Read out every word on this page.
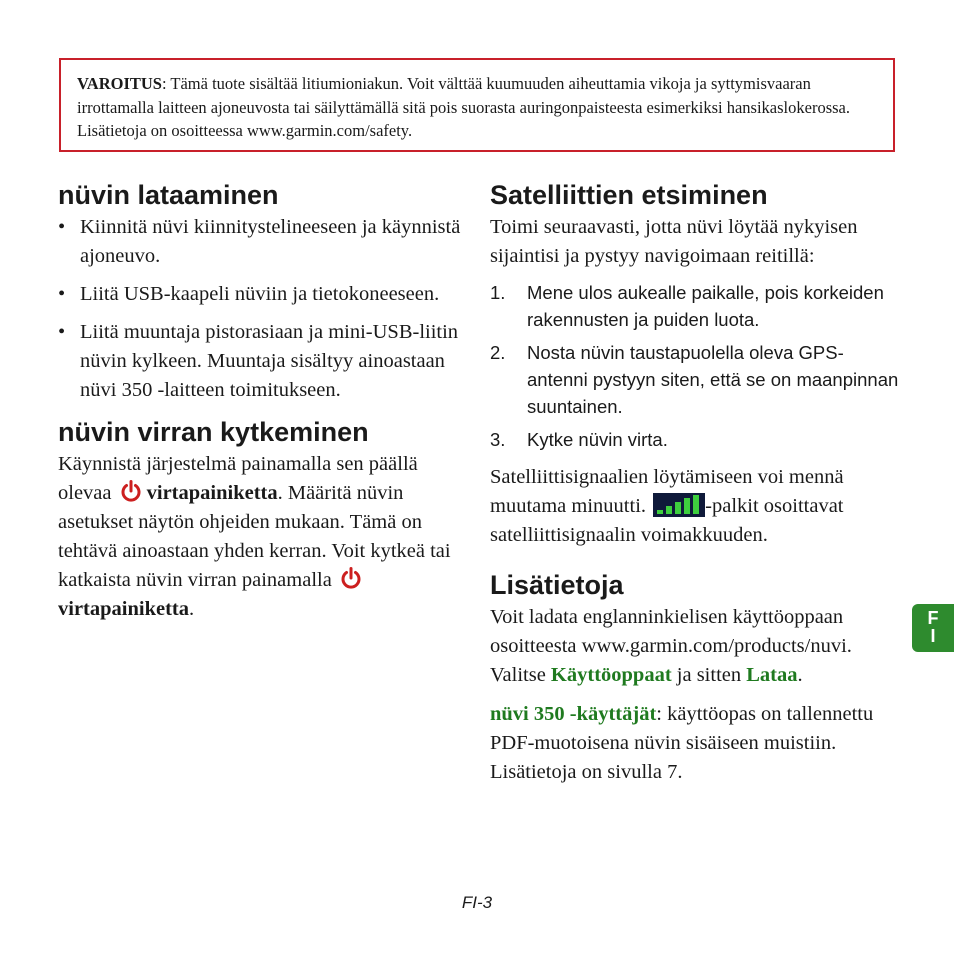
VAROITUS: Tämä tuote sisältää litiumioniakun. Voit välttää kuumuuden aiheuttamia vikoja ja syttymisvaaran irrottamalla laitteen ajoneuvosta tai säilyttämällä sitä pois suorasta auringonpaisteesta esimerkiksi hansikaslokerossa. Lisätietoja on osoitteessa www.garmin.com/safety.
nüvin lataaminen
• Kiinnitä nüvi kiinnitystelineeseen ja käynnistä ajoneuvo.
• Liitä USB-kaapeli nüviin ja tietokoneeseen.
• Liitä muuntaja pistorasiaan ja mini-USB-liitin nüvin kylkeen. Muuntaja sisältyy ainoastaan nüvi 350 -laitteen toimitukseen.
nüvin virran kytkeminen

Käynnistä järjestelmä painamalla sen päällä olevaa virtapainiketta. Määritä nüvin asetukset näytön ohjeiden mukaan. Tämä on tehtävä ainoastaan yhden kerran. Voit kytkeä tai katkaista nüvin virran painamalla
virtapainiketta.

Satelliittien etsiminen

Toimi seuraavasti, jotta nüvi löytää nykyisen sijaintisi ja pystyy navigoimaan reitillä:

1. Mene ulos aukealle paikalle, pois korkeiden rakennusten ja puiden luota.
2. Nosta nüvin taustapuolella oleva GPS-antenni pystyyn siten, että se on maanpinnan suuntainen.
3. Kytke nüvin virta.

Satelliittisignaalien löytämiseen voi mennä muutama minuutti.	-palkit osoittavat satelliittisignaalin voimakkuuden.

Lisätietoja

Voit ladata englanninkielisen käyttöoppaan osoitteesta www.garmin.com/products/nuvi. Valitse Käyttöoppaat ja sitten Lataa.

nüvi 350 -käyttäjät: käyttöopas on tallennettu PDF-muotoisena nüvin sisäiseen muistiin. Lisätietoja on sivulla 7.

F
I
FI-3
